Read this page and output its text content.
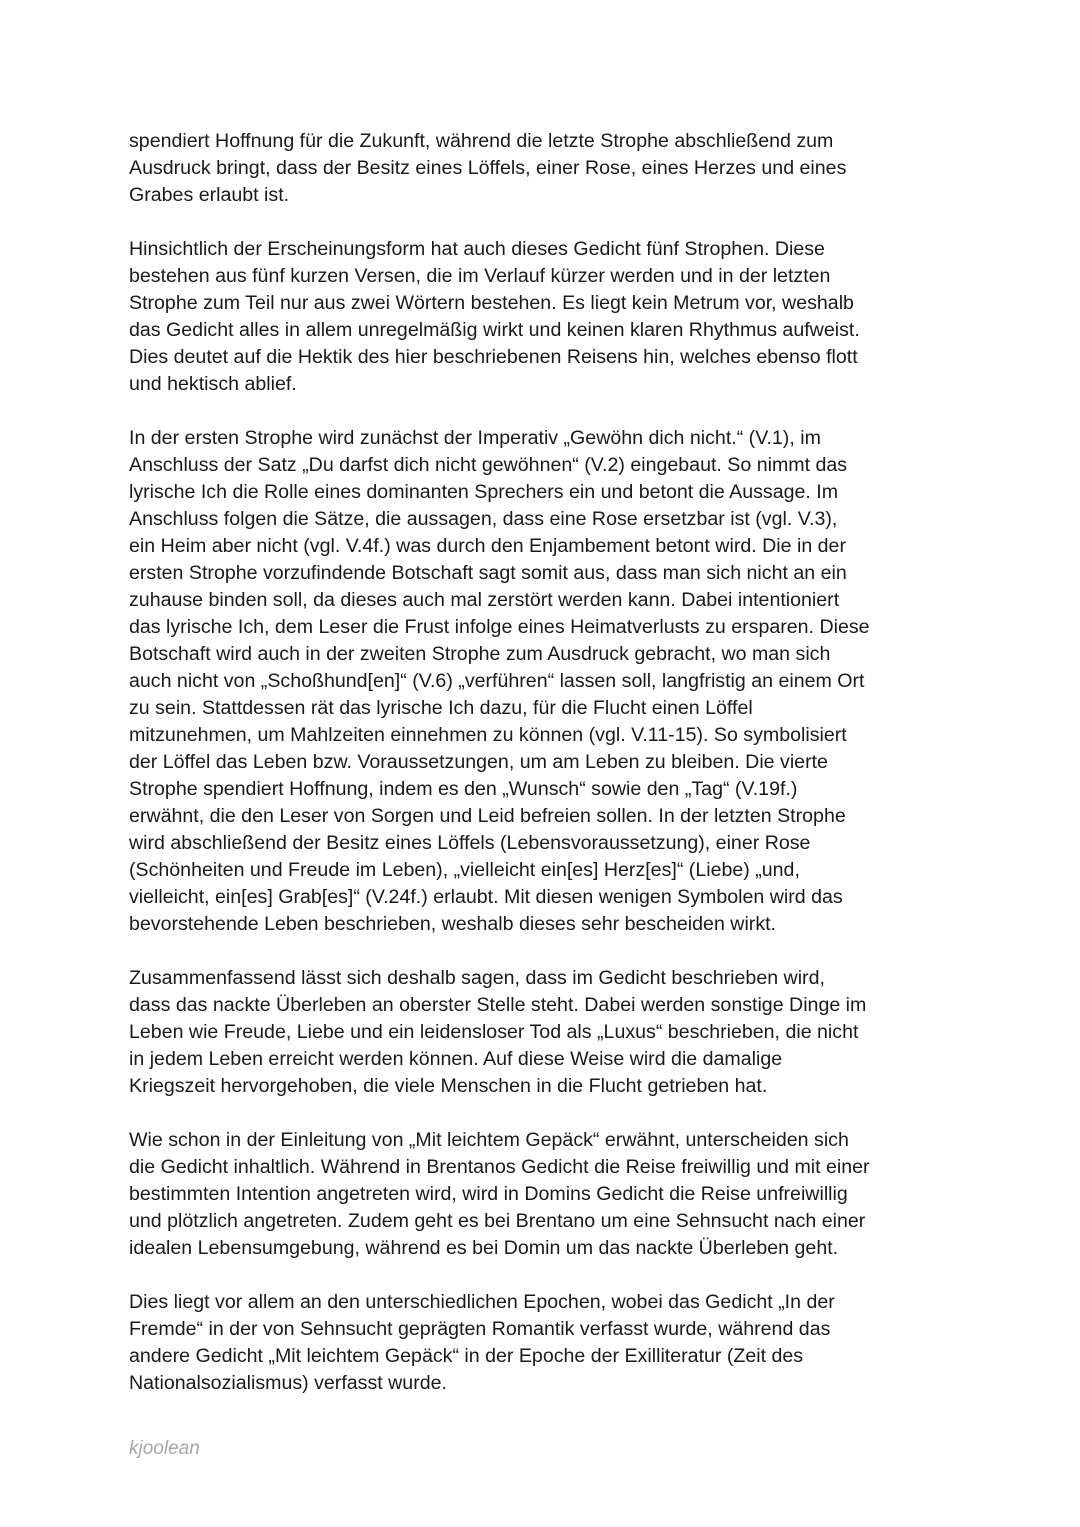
spendiert Hoffnung für die Zukunft, während die letzte Strophe abschließend zum
Ausdruck bringt, dass der Besitz eines Löffels, einer Rose, eines Herzes und eines
Grabes erlaubt ist.

Hinsichtlich der Erscheinungsform hat auch dieses Gedicht fünf Strophen. Diese
bestehen aus fünf kurzen Versen, die im Verlauf kürzer werden und in der letzten
Strophe zum Teil nur aus zwei Wörtern bestehen. Es liegt kein Metrum vor, weshalb
das Gedicht alles in allem unregelmäßig wirkt und keinen klaren Rhythmus aufweist.
Dies deutet auf die Hektik des hier beschriebenen Reisens hin, welches ebenso flott
und hektisch ablief.

In der ersten Strophe wird zunächst der Imperativ „Gewöhn dich nicht.“ (V.1), im
Anschluss der Satz „Du darfst dich nicht gewöhnen“ (V.2) eingebaut. So nimmt das
lyrische Ich die Rolle eines dominanten Sprechers ein und betont die Aussage. Im
Anschluss folgen die Sätze, die aussagen, dass eine Rose ersetzbar ist (vgl. V.3),
ein Heim aber nicht (vgl. V.4f.) was durch den Enjambement betont wird. Die in der
ersten Strophe vorzufindende Botschaft sagt somit aus, dass man sich nicht an ein
zuhause binden soll, da dieses auch mal zerstört werden kann. Dabei intentioniert
das lyrische Ich, dem Leser die Frust infolge eines Heimatverlusts zu ersparen. Diese
Botschaft wird auch in der zweiten Strophe zum Ausdruck gebracht, wo man sich
auch nicht von „Schoßhund[en]“ (V.6) „verführen“ lassen soll, langfristig an einem Ort
zu sein. Stattdessen rät das lyrische Ich dazu, für die Flucht einen Löffel
mitzunehmen, um Mahlzeiten einnehmen zu können (vgl. V.11-15). So symbolisiert
der Löffel das Leben bzw. Voraussetzungen, um am Leben zu bleiben. Die vierte
Strophe spendiert Hoffnung, indem es den „Wunsch“ sowie den „Tag“ (V.19f.)
erwähnt, die den Leser von Sorgen und Leid befreien sollen. In der letzten Strophe
wird abschließend der Besitz eines Löffels (Lebensvoraussetzung), einer Rose
(Schönheiten und Freude im Leben), „vielleicht ein[es] Herz[es]“ (Liebe) „und,
vielleicht, ein[es] Grab[es]“ (V.24f.) erlaubt. Mit diesen wenigen Symbolen wird das
bevorstehende Leben beschrieben, weshalb dieses sehr bescheiden wirkt.

Zusammenfassend lässt sich deshalb sagen, dass im Gedicht beschrieben wird,
dass das nackte Überleben an oberster Stelle steht. Dabei werden sonstige Dinge im
Leben wie Freude, Liebe und ein leidensloser Tod als „Luxus“ beschrieben, die nicht
in jedem Leben erreicht werden können. Auf diese Weise wird die damalige
Kriegszeit hervorgehoben, die viele Menschen in die Flucht getrieben hat.

Wie schon in der Einleitung von „Mit leichtem Gepäck“ erwähnt, unterscheiden sich
die Gedicht inhaltlich. Während in Brentanos Gedicht die Reise freiwillig und mit einer
bestimmten Intention angetreten wird, wird in Domins Gedicht die Reise unfreiwillig
und plötzlich angetreten. Zudem geht es bei Brentano um eine Sehnsucht nach einer
idealen Lebensumgebung, während es bei Domin um das nackte Überleben geht.

Dies liegt vor allem an den unterschiedlichen Epochen, wobei das Gedicht „In der
Fremde“ in der von Sehnsucht geprägten Romantik verfasst wurde, während das
andere Gedicht „Mit leichtem Gepäck“ in der Epoche der Exilliteratur (Zeit des
Nationalsozialismus) verfasst wurde.

kjoolean
